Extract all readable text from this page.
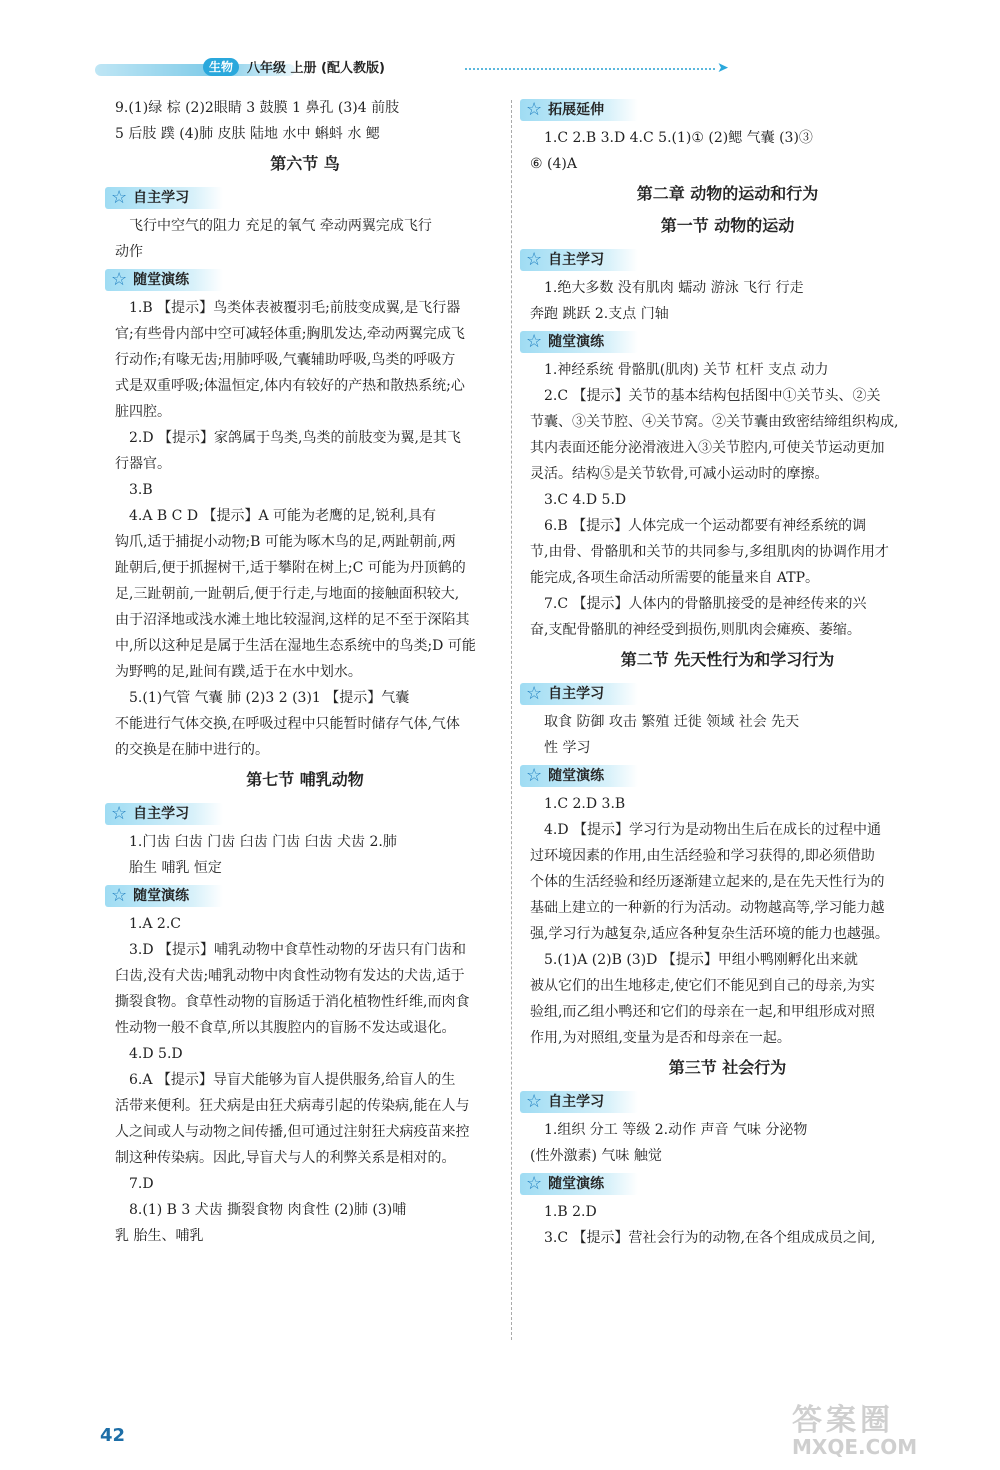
生物	八年级 上册 (配人教版)	➤

9.(1)绿 棕 (2)2眼睛 3 鼓膜 1 鼻孔 (3)4 前肢

5 后肢 蹼 (4)肺 皮肤 陆地 水中 蝌蚪 水 鳃

第六节 鸟
☆ 自主学习

飞行中空气的阻力 充足的氧气 牵动两翼完成飞行

动作

☆ 随堂演练

1.B 【提示】鸟类体表被覆羽毛;前肢变成翼,是飞行器

官;有些骨内部中空可减轻体重;胸肌发达,牵动两翼完成飞

行动作;有喙无齿;用肺呼吸,气囊辅助呼吸,鸟类的呼吸方

式是双重呼吸;体温恒定,体内有较好的产热和散热系统;心

脏四腔。

2.D 【提示】家鸽属于鸟类,鸟类的前肢变为翼,是其飞

行器官。

3.B

4.A B C D 【提示】A 可能为老鹰的足,锐利,具有

钩爪,适于捕捉小动物;B 可能为啄木鸟的足,两趾朝前,两

趾朝后,便于抓握树干,适于攀附在树上;C 可能为丹顶鹤的

足,三趾朝前,一趾朝后,便于行走,与地面的接触面积较大,

由于沼泽地或浅水滩土地比较湿润,这样的足不至于深陷其

中,所以这种足是属于生活在湿地生态系统中的鸟类;D 可能

为野鸭的足,趾间有蹼,适于在水中划水。

5.(1)气管 气囊 肺 (2)3 2 (3)1 【提示】气囊

不能进行气体交换,在呼吸过程中只能暂时储存气体,气体

的交换是在肺中进行的。

第七节 哺乳动物
☆ 自主学习

1.门齿 臼齿 门齿 臼齿 门齿 臼齿 犬齿 2.肺

胎生 哺乳 恒定

☆ 随堂演练

1.A 2.C

3.D 【提示】哺乳动物中食草性动物的牙齿只有门齿和

臼齿,没有犬齿;哺乳动物中肉食性动物有发达的犬齿,适于

撕裂食物。食草性动物的盲肠适于消化植物性纤维,而肉食

性动物一般不食草,所以其腹腔内的盲肠不发达或退化。

4.D 5.D

6.A 【提示】导盲犬能够为盲人提供服务,给盲人的生

活带来便利。狂犬病是由狂犬病毒引起的传染病,能在人与

人之间或人与动物之间传播,但可通过注射狂犬病疫苗来控

制这种传染病。因此,导盲犬与人的利弊关系是相对的。

7.D

8.(1) B 3 犬齿 撕裂食物 肉食性 (2)肺 (3)哺

乳 胎生、哺乳

☆ 拓展延伸

1.C 2.B 3.D 4.C 5.(1)① (2)鳃 气囊 (3)③

⑥ (4)A

第二章 动物的运动和行为
第一节 动物的运动
☆ 自主学习

1.绝大多数 没有肌肉 蠕动 游泳 飞行 行走

奔跑 跳跃 2.支点 门轴

☆ 随堂演练

1.神经系统 骨骼肌(肌肉) 关节 杠杆 支点 动力

2.C 【提示】关节的基本结构包括图中①关节头、②关

节囊、③关节腔、④关节窝。②关节囊由致密结缔组织构成,

其内表面还能分泌滑液进入③关节腔内,可使关节运动更加

灵活。结构⑤是关节软骨,可减小运动时的摩擦。

3.C 4.D 5.D

6.B 【提示】人体完成一个运动都要有神经系统的调

节,由骨、骨骼肌和关节的共同参与,多组肌肉的协调作用才

能完成,各项生命活动所需要的能量来自 ATP。

7.C 【提示】人体内的骨骼肌接受的是神经传来的兴

奋,支配骨骼肌的神经受到损伤,则肌肉会瘫痪、萎缩。

第二节 先天性行为和学习行为
☆ 自主学习

取食 防御 攻击 繁殖 迁徙 领域 社会 先天

性 学习

☆ 随堂演练

1.C 2.D 3.B

4.D 【提示】学习行为是动物出生后在成长的过程中通

过环境因素的作用,由生活经验和学习获得的,即必须借助

个体的生活经验和经历逐渐建立起来的,是在先天性行为的

基础上建立的一种新的行为活动。动物越高等,学习能力越

强,学习行为越复杂,适应各种复杂生活环境的能力也越强。

5.(1)A (2)B (3)D 【提示】甲组小鸭刚孵化出来就

被从它们的出生地移走,使它们不能见到自己的母亲,为实

验组,而乙组小鸭还和它们的母亲在一起,和甲组形成对照

作用,为对照组,变量为是否和母亲在一起。

第三节 社会行为
☆ 自主学习

1.组织 分工 等级 2.动作 声音 气味 分泌物

(性外激素) 气味 触觉

☆ 随堂演练

1.B 2.D

3.C 【提示】营社会行为的动物,在各个组成成员之间,

42	答案圈
MXQE.COM
